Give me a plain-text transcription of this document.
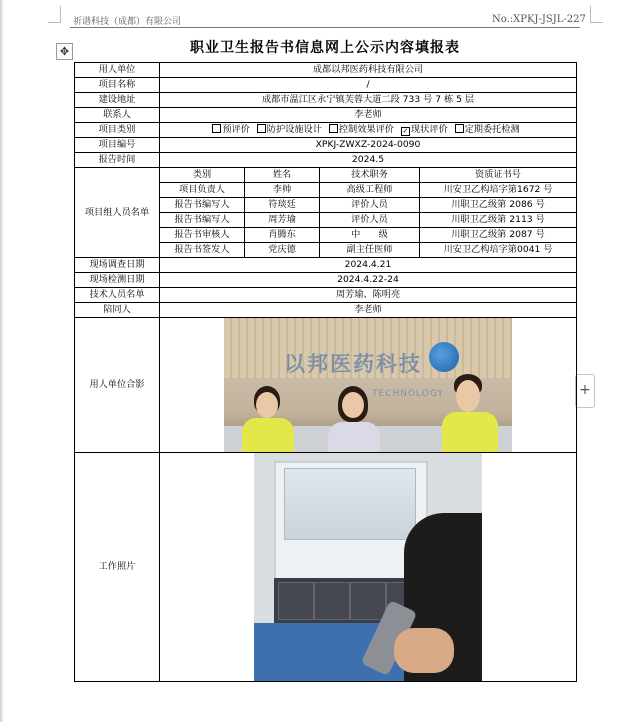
祈谱科技（成都）有限公司	No.:XPKJ-JSJL-227
✥
+
职业卫生报告书信息网上公示内容填报表
用人单位	成都以邦医药科技有限公司			
项目名称	/			
建设地址	成都市温江区永宁镇芙蓉大道二段 733 号 7 栋 5 层			
联系人	李老师			
项目类别	预评价 防护设施设计 控制效果评价 ✓ 现状评价 定期委托检测			
项目编号	XPKJ-ZWXZ-2024-0090			
报告时间	2024.5			
项目组人员名单	类别	姓名	技术职务	资质证书号
	项目负责人	李帅	高级工程师	川安卫乙构培字第1672 号
	报告书编写人	符琰廷	评价人员	川职卫乙级第 2086 号
	报告书编写人	周芳瑜	评价人员	川职卫乙级第 2113 号
	报告书审核人	肖腾东	中　　级	川职卫乙级第 2087 号
	报告书签发人	党庆德	副主任医师	川安卫乙构培字第0041 号
现场调查日期	2024.4.21			
现场检测日期	2024.4.22-24			
技术人员名单	周芳瑜、陈明亮			
陪同人	李老师			
用人单位合影	以邦医药科技
TECHNOLOGY			

工作照片				
